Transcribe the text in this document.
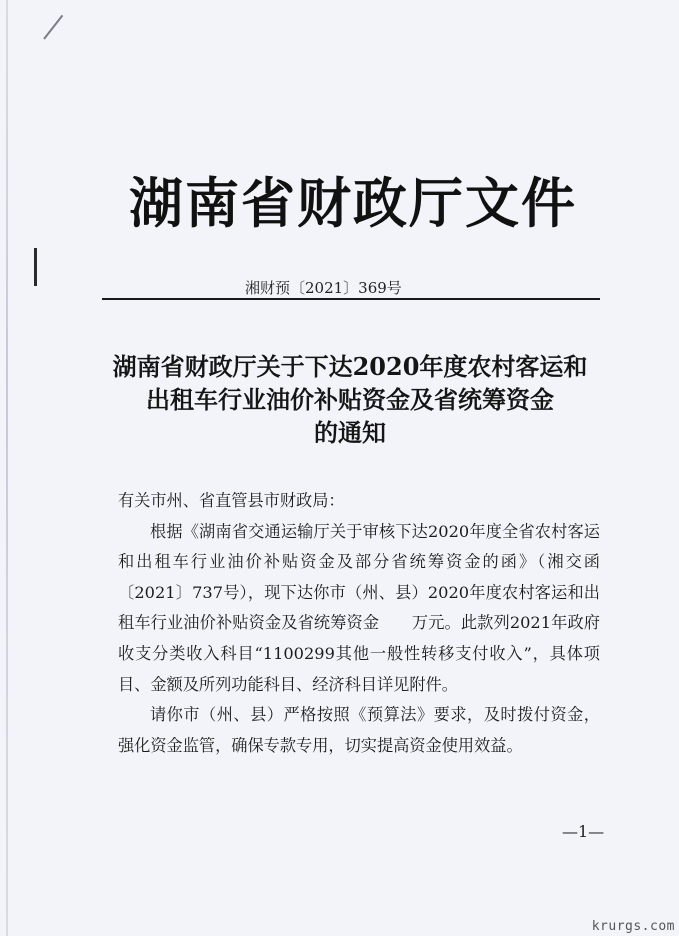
湖南省财政厅文件
湘财预〔2021〕369号
湖南省财政厅关于下达2020年度农村客运和
出租车行业油价补贴资金及省统筹资金
的通知

有关市州、省直管县市财政局：

根据《湖南省交通运输厅关于审核下达2020年度全省农村客运和出租车行业油价补贴资金及部分省统筹资金的函》（湘交函〔2021〕737号），现下达你市（州、县）2020年度农村客运和出租车行业油价补贴资金及省统筹资金　　万元。此款列2021年政府收支分类收入科目“1100299其他一般性转移支付收入”，具体项目、金额及所列功能科目、经济科目详见附件。

请你市（州、县）严格按照《预算法》要求，及时拨付资金，强化资金监管，确保专款专用，切实提高资金使用效益。

—1—
krurgs.com
